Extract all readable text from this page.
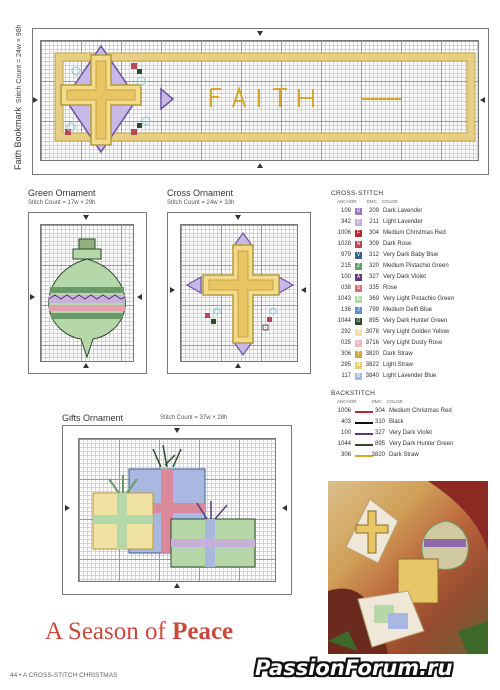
Faith Bookmark  Stitch Count = 24w × 98h
Green Ornament
Stitch Count = 17w × 29h
Cross Ornament
Stitch Count = 24w × 33h
Gifts Ornament	Stitch Count = 37w × 28h
CROSS-STITCH
ANCHOR DMC COLOR
109	U	209 Dark Lavender
342	C	211 Light Lavender
1006	F	304 Medium Christmas Red
1028	N	309 Dark Rose
979	V	312 Very Dark Baby Blue
215	Z	320 Medium Pistachio Green
100	A	327 Very Dark Violet
038	S	335 Rose
1043	E	369 Very Light Pistachio Green
136	J	799 Medium Delft Blue
1044	O	895 Very Dark Hunter Green
292	Y 3078 Very Light Golden Yellow
025	L 3716 Very Light Dusty Rose
306	T 3820 Dark Straw
295	R 3822 Light Straw
117	B 3840 Light Lavender Blue
BACKSTITCH
ANCHOR	DMC COLOR
1006	304 Medium Christmas Red
403	310 Black
100	327 Very Dark Violet
1044	895 Very Dark Hunter Green
306	3820 Dark Straw
A Season of Peace
44 • A CROSS-STITCH CHRISTMAS	PassionForum.ru
